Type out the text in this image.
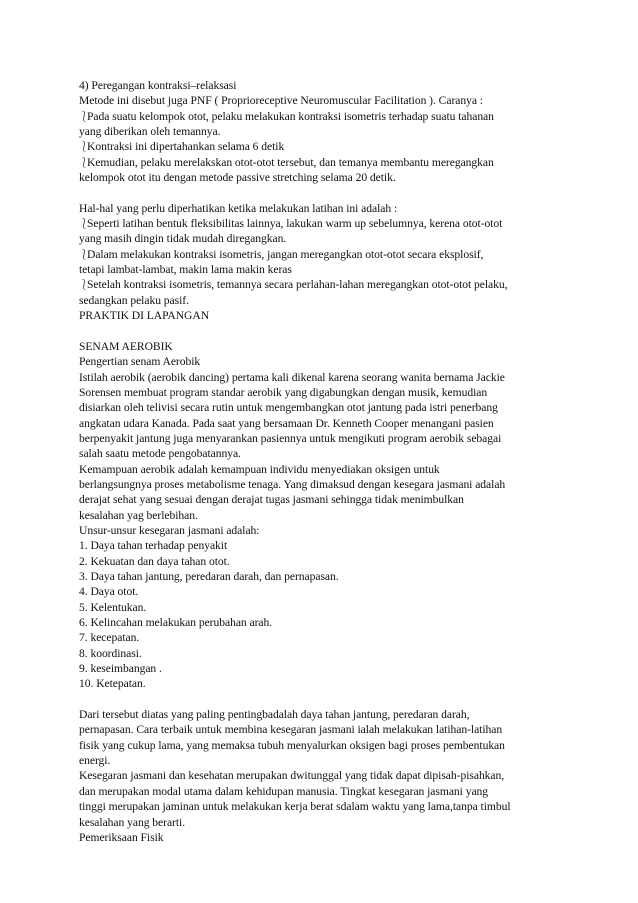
4) Peregangan kontraksi–relaksasi
Metode ini disebut juga PNF ( Proprioreceptive Neuromuscular Facilitation ). Caranya :
⎱Pada suatu kelompok otot, pelaku melakukan kontraksi isometris terhadap suatu tahanan
yang diberikan oleh temannya.
⎱Kontraksi ini dipertahankan selama 6 detik
⎱Kemudian, pelaku merelakskan otot-otot tersebut, dan temanya membantu meregangkan
kelompok otot itu dengan metode passive stretching selama 20 detik.
Hal-hal yang perlu diperhatikan ketika melakukan latihan ini adalah :
⎱Seperti latihan bentuk fleksibilitas lainnya, lakukan warm up sebelumnya, kerena otot-otot
yang masih dingin tidak mudah diregangkan.
⎱Dalam melakukan kontraksi isometris, jangan meregangkan otot-otot secara eksplosif,
tetapi lambat-lambat, makin lama makin keras
⎱Setelah kontraksi isometris, temannya secara perlahan-lahan meregangkan otot-otot pelaku,
sedangkan pelaku pasif.
PRAKTIK DI LAPANGAN
SENAM AEROBIK
Pengertian senam Aerobik
Istilah aerobik (aerobik dancing) pertama kali dikenal karena seorang wanita bernama Jackie
Sorensen membuat program standar aerobik yang digabungkan dengan musik, kemudian
disiarkan oleh telivisi secara rutin untuk mengembangkan otot jantung pada istri penerbang
angkatan udara Kanada. Pada saat yang bersamaan Dr. Kenneth Cooper menangani pasien
berpenyakit jantung juga menyarankan pasiennya untuk mengikuti program aerobik sebagai
salah saatu metode pengobatannya.
Kemampuan aerobik adalah kemampuan individu menyediakan oksigen untuk
berlangsungnya proses metabolisme tenaga. Yang dimaksud dengan kesegara jasmani adalah
derajat sehat yang sesuai dengan derajat tugas jasmani sehingga tidak menimbulkan
kesalahan yag berlebihan.
Unsur-unsur kesegaran jasmani adalah:
1. Daya tahan terhadap penyakit
2. Kekuatan dan daya tahan otot.
3. Daya tahan jantung, peredaran darah, dan pernapasan.
4. Daya otot.
5. Kelentukan.
6. Kelincahan melakukan perubahan arah.
7. kecepatan.
8. koordinasi.
9. keseimbangan .
10. Ketepatan.
Dari tersebut diatas yang paling pentingbadalah daya tahan jantung, peredaran darah,
pernapasan. Cara terbaik untuk membina kesegaran jasmani ialah melakukan latihan-latihan
fisik yang cukup lama, yang memaksa tubuh menyalurkan oksigen bagi proses pembentukan
energi.
Kesegaran jasmani dan kesehatan merupakan dwitunggal yang tidak dapat dipisah-pisahkan,
dan merupakan modal utama dalam kehidupan manusia. Tingkat kesegaran jasmani yang
tinggi merupakan jaminan untuk melakukan kerja berat sdalam waktu yang lama,tanpa timbul
kesalahan yang berarti.
Pemeriksaan Fisik
